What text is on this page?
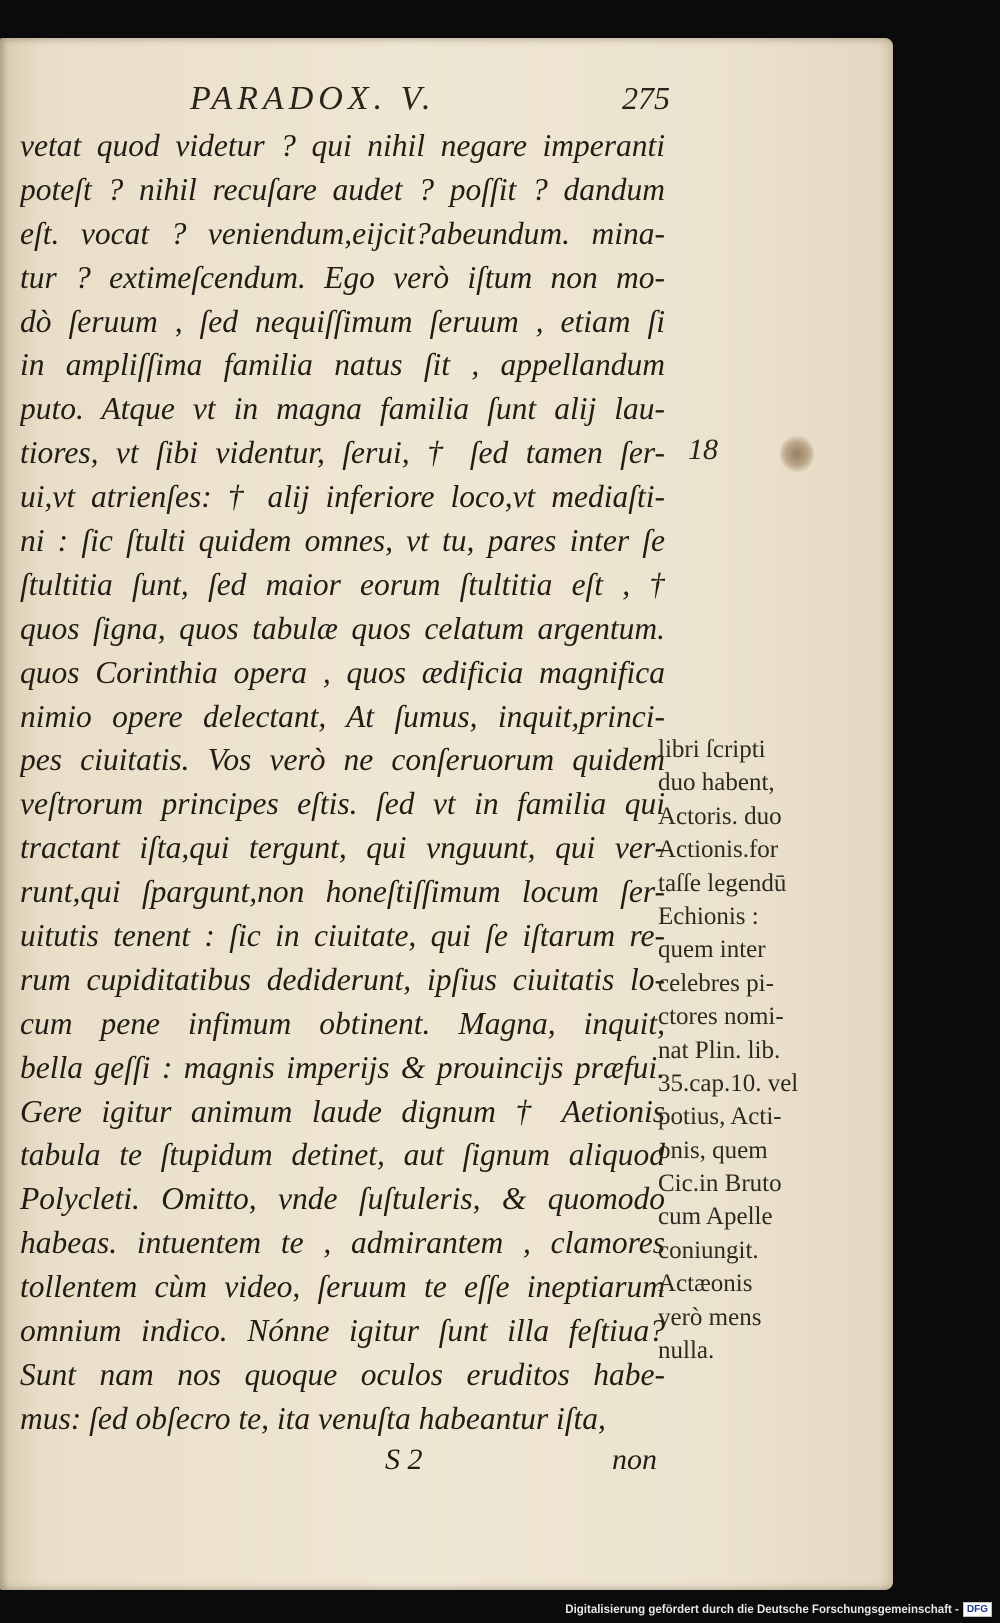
PARADOX. V.	275
vetat quod videtur ? qui nihil negare imperanti
poteſt ? nihil recuſare audet ? poſſit ? dandum
eſt. vocat ? veniendum,eijcit?abeundum. mina-
tur ? extimeſcendum. Ego verò iſtum non mo-
dò ſeruum , ſed nequiſſimum ſeruum , etiam ſi
in ampliſſima familia natus ſit , appellandum
puto. Atque vt in magna familia ſunt alij lau-
tiores, vt ſibi videntur, ſerui, † ſed tamen ſer-
ui,vt atrienſes: † alij inferiore loco,vt mediaſti-
ni : ſic ſtulti quidem omnes, vt tu, pares inter ſe
ſtultitia ſunt, ſed maior eorum ſtultitia eſt , †
quos ſigna, quos tabulæ quos celatum argentum.
quos Corinthia opera , quos ædificia magnifica
nimio opere delectant, At ſumus, inquit,princi-
pes ciuitatis. Vos verò ne conſeruorum quidem
veſtrorum principes eſtis. ſed vt in familia qui
tractant iſta,qui tergunt, qui vnguunt, qui ver-
runt,qui ſpargunt,non honeſtiſſimum locum ſer-
uitutis tenent : ſic in ciuitate, qui ſe iſtarum re-
rum cupiditatibus dediderunt, ipſius ciuitatis lo-
cum pene infimum obtinent. Magna, inquit,
bella geſſi : magnis imperijs & prouincijs præfui.
Gere igitur animum laude dignum † Aetionis
tabula te ſtupidum detinet, aut ſignum aliquod
Polycleti. Omitto, vnde ſuſtuleris, & quomodo
habeas. intuentem te , admirantem , clamores
tollentem cùm video, ſeruum te eſſe ineptiarum
omnium indico. Nónne igitur ſunt illa feſtiua?
Sunt nam nos quoque oculos eruditos habe-
mus: ſed obſecro te, ita venuſta habeantur iſta,
18
libri ſcripti
duo habent,
Actoris. duo
Actionis.for
taſſe legendū
Echionis :
quem inter
celebres pi-
ctores nomi-
nat Plin. lib.
35.cap.10. vel
potius, Acti-
onis, quem
Cic.in Bruto
cum Apelle
coniungit.
Actæonis
verò mens
nulla.
S 2	non
Digitalisierung gefördert durch die Deutsche Forschungsgemeinschaft - DFG
